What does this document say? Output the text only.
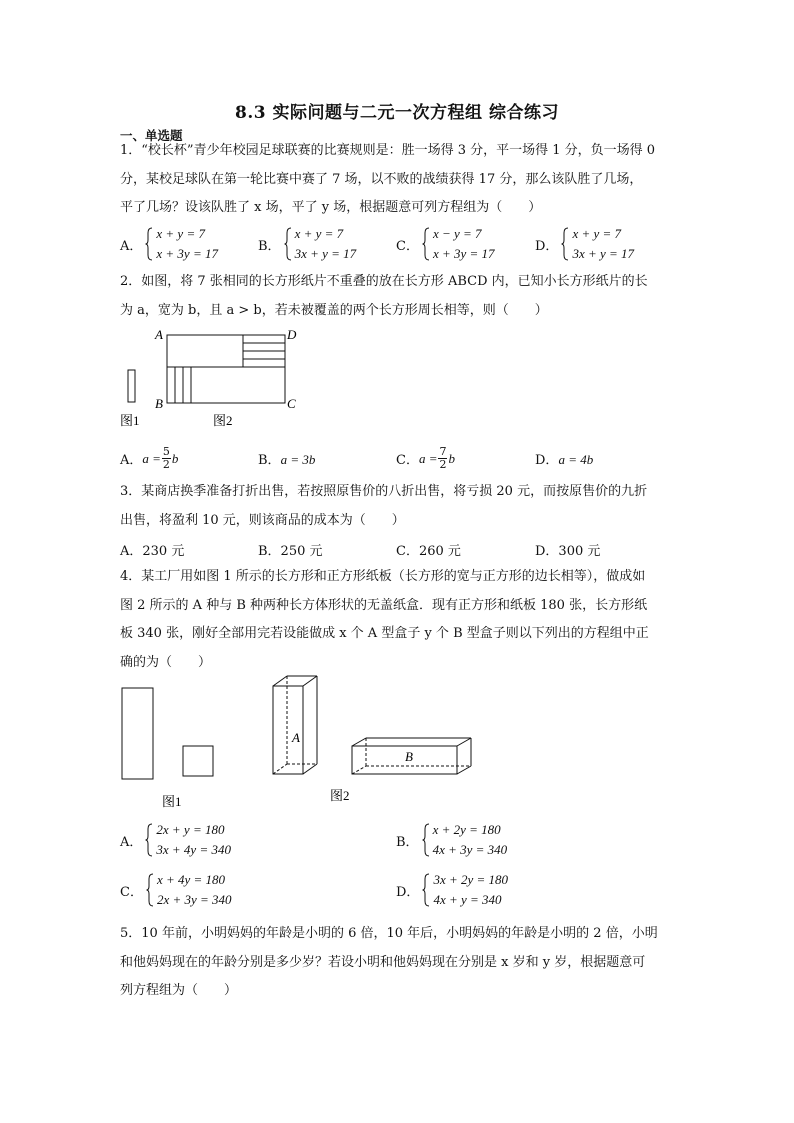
8.3 实际问题与二元一次方程组 综合练习
一、单选题
1．“校长杯”青少年校园足球联赛的比赛规则是：胜一场得 3 分，平一场得 1 分，负一场得 0
分，某校足球队在第一轮比赛中赛了 7 场，以不败的战绩获得 17 分，那么该队胜了几场，
平了几场？设该队胜了 x 场，平了 y 场，根据题意可列方程组为（　　）
A．
x + y = 7
x + 3y = 17	B．
x + y = 7
3x + y = 17	C．
x − y = 7
x + 3y = 17	D．
x + y = 7
3x + y = 17
2．如图，将 7 张相同的长方形纸片不重叠的放在长方形 ABCD 内，已知小长方形纸片的长
为 a，宽为 b，且 a > b，若未被覆盖的两个长方形周长相等，则（　　）
A	D
B	C
图1	图2
A． $a = \frac{5}{2}$ b	B．a = 3b	C． $a = \frac{7}{2}$ b	D．a = 4b
3．某商店换季准备打折出售，若按照原售价的八折出售，将亏损 20 元，而按原售价的九折
出售，将盈利 10 元，则该商品的成本为（　　）
A．230 元	B．250 元	C．260 元	D．300 元
4．某工厂用如图 1 所示的长方形和正方形纸板（长方形的宽与正方形的边长相等），做成如
图 2 所示的 A 种与 B 种两种长方体形状的无盖纸盒．现有正方形和纸板 180 张，长方形纸
板 340 张，刚好全部用完若设能做成 x 个 A 型盒子 y 个 B 型盒子则以下列出的方程组中正
确的为（　　）
图1
A
B
图2
A．
2x + y = 180
3x + 4y = 340	B．
x + 2y = 180
4x + 3y = 340
C．
x + 4y = 180
2x + 3y = 340	D．
3x + 2y = 180
4x + y = 340
5．10 年前，小明妈妈的年龄是小明的 6 倍，10 年后，小明妈妈的年龄是小明的 2 倍，小明
和他妈妈现在的年龄分别是多少岁？若设小明和他妈妈现在分别是 x 岁和 y 岁，根据题意可
列方程组为（　　）
